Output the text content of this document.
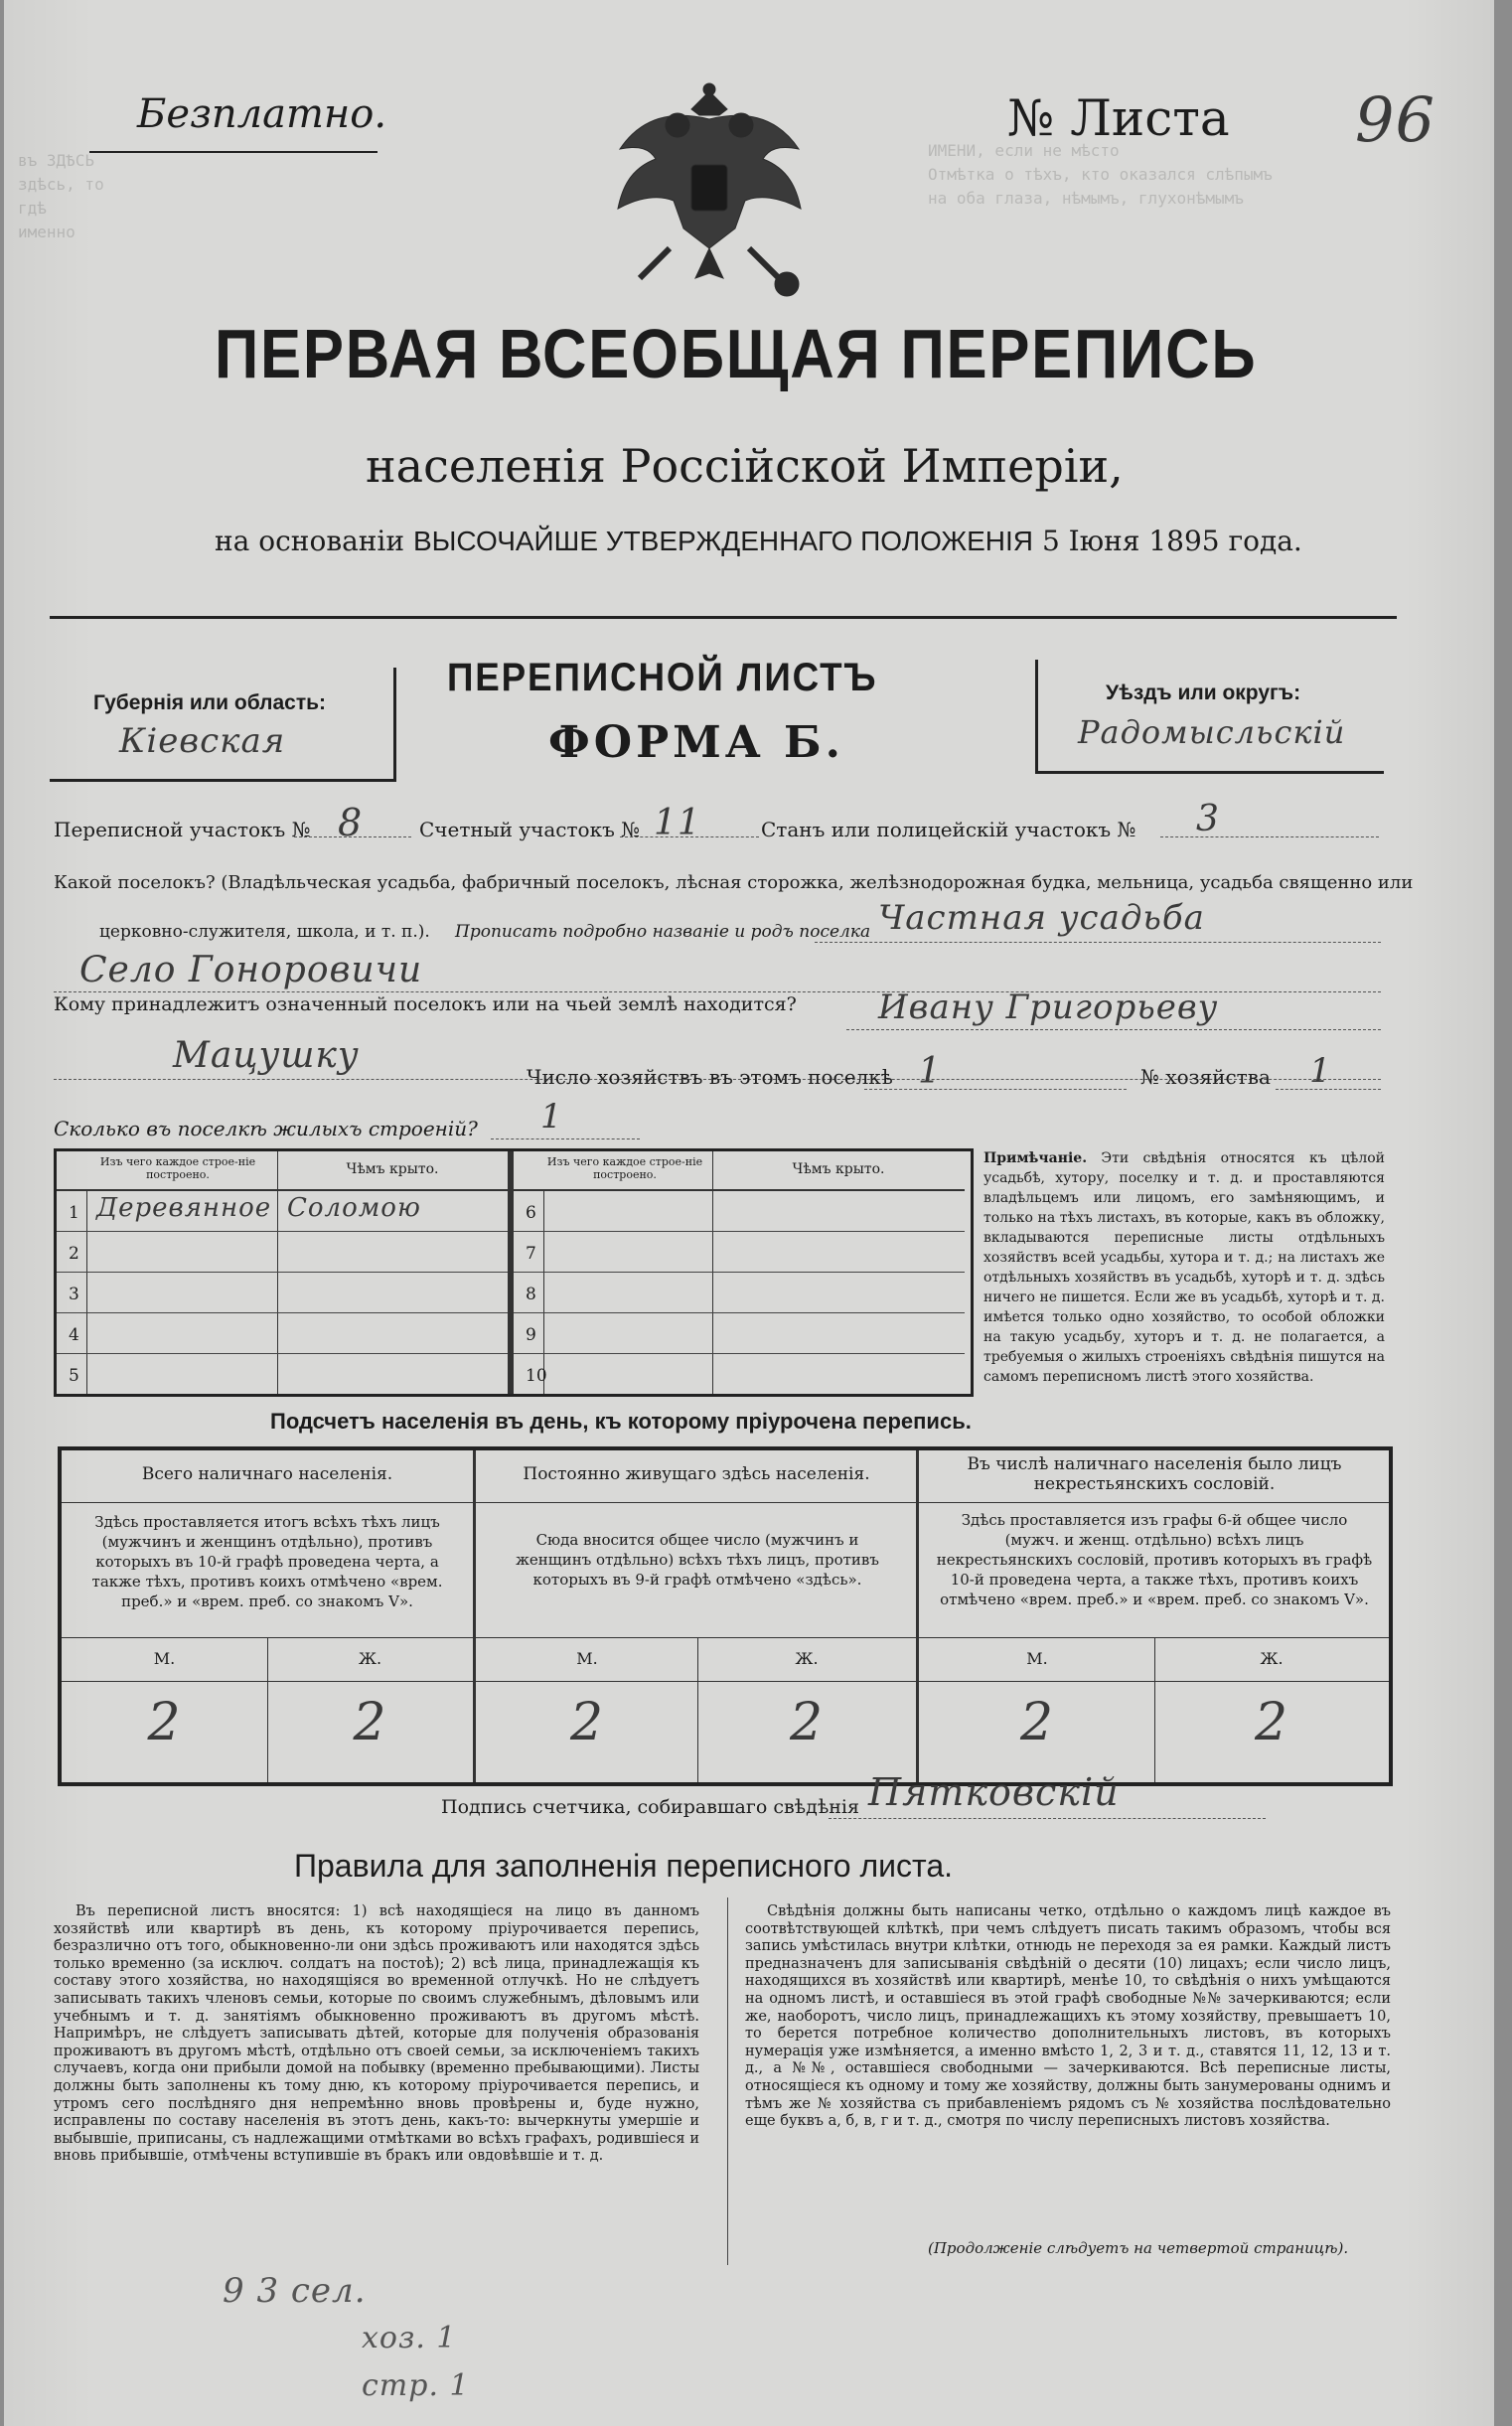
въ ЗДѢСЬ
здѣсь, то гдѣ
именно
ИМЕНИ, если не мѣсто
Отмѣтка о тѣхъ, кто оказался слѣпымъ
на оба глаза, нѣмымъ, глухонѣмымъ
Безплатно.	№ Листа 96
ПЕРВАЯ ВСЕОБЩАЯ ПЕРЕПИСЬ
населенія Россійской Имперіи,
на основаніи ВЫСОЧАЙШЕ УТВЕРЖДЕННАГО ПОЛОЖЕНІЯ 5 Іюня 1895 года.
Губернія или область:
Кіевская
ПЕРЕПИСНОЙ ЛИСТЪ
ФОРМА Б.
Уѣздъ или округъ:
Радомысльскій
Переписной участокъ № 8	Счетный участокъ № 11	Станъ или полицейскій участокъ № 3
Какой поселокъ? (Владѣльческая усадьба, фабричный поселокъ, лѣсная сторожка, желѣзнодорожная будка, мельница, усадьба священно или
церковно-служителя, школа, и т. п.). Прописать подробно названіе и родъ поселка Частная усадьба
Село Гоноровичи
Кому принадлежитъ означенный поселокъ или на чьей землѣ находится? Ивану Григорьеву
Мацушку
Число хозяйствъ въ этомъ поселкѣ 1	№ хозяйства 1
Сколько въ поселкѣ жилыхъ строеній? 1
Изъ чего каждое строе-ніе построено.	Чѣмъ крыто.
1 Деревянное Соломою
2
3
4
5
Изъ чего каждое строе-ніе построено.	Чѣмъ крыто.
6
7
8
9
10
Примѣчаніе. Эти свѣдѣнія относятся къ цѣлой усадьбѣ, хутору, поселку и т. д. и проставляются владѣльцемъ или лицомъ, его замѣняющимъ, и только на тѣхъ листахъ, въ которые, какъ въ обложку, вкладываются переписные листы отдѣльныхъ хозяйствъ всей усадьбы, хутора и т. д.; на листахъ же отдѣльныхъ хозяйствъ въ усадьбѣ, хуторѣ и т. д. здѣсь ничего не пишется. Если же въ усадьбѣ, хуторѣ и т. д. имѣется только одно хозяйство, то особой обложки на такую усадьбу, хуторъ и т. д. не полагается, а требуемыя о жилыхъ строеніяхъ свѣдѣнія пишутся на самомъ переписномъ листѣ этого хозяйства.
Подсчетъ населенія въ день, къ которому пріурочена перепись.
Всего наличнаго населенія.
Здѣсь проставляется итогъ всѣхъ тѣхъ лицъ (мужчинъ и женщинъ отдѣльно), противъ которыхъ въ 10-й графѣ проведена черта, а также тѣхъ, противъ коихъ отмѣчено «врем. преб.» и «врем. преб. со знакомъ V».
Постоянно живущаго здѣсь населенія.
Сюда вносится общее число (мужчинъ и женщинъ отдѣльно) всѣхъ тѣхъ лицъ, противъ которыхъ въ 9-й графѣ отмѣчено «здѣсь».
Въ числѣ наличнаго населенія было лицъ некрестьянскихъ сословій.
Здѣсь проставляется изъ графы 6-й общее число (мужч. и женщ. отдѣльно) всѣхъ лицъ некрестьянскихъ сословій, противъ которыхъ въ графѣ 10-й проведена черта, а также тѣхъ, противъ коихъ отмѣчено «врем. преб.» и «врем. преб. со знакомъ V».
М.	Ж.	М.	Ж.	М.	Ж.
2	2	2	2	2	2
Подпись счетчика, собиравшаго свѣдѣнія Пятковскій
Правила для заполненія переписного листа.
Въ переписной листъ вносятся: 1) всѣ находящіеся на лицо въ данномъ хозяйствѣ или квартирѣ въ день, къ которому пріурочивается перепись, безразлично отъ того, обыкновенно-ли они здѣсь проживаютъ или находятся здѣсь только временно (за исключ. солдатъ на постоѣ); 2) всѣ лица, принадлежащія къ составу этого хозяйства, но находящіяся во временной отлучкѣ. Но не слѣдуетъ записывать такихъ членовъ семьи, которые по своимъ служебнымъ, дѣловымъ или учебнымъ и т. д. занятіямъ обыкновенно проживаютъ въ другомъ мѣстѣ. Напримѣръ, не слѣдуетъ записывать дѣтей, которые для полученія образованія проживаютъ въ другомъ мѣстѣ, отдѣльно отъ своей семьи, за исключеніемъ такихъ случаевъ, когда они прибыли домой на побывку (временно пребывающими). Листы должны быть заполнены къ тому дню, къ которому пріурочивается перепись, и утромъ сего послѣдняго дня непремѣнно вновь провѣрены и, буде нужно, исправлены по составу населенія въ этотъ день, какъ-то: вычеркнуты умершіе и выбывшіе, приписаны, съ надлежащими отмѣтками во всѣхъ графахъ, родившіеся и вновь прибывшіе, отмѣчены вступившіе въ бракъ или овдовѣвшіе и т. д.
Свѣдѣнія должны быть написаны четко, отдѣльно о каждомъ лицѣ каждое въ соотвѣтствующей клѣткѣ, при чемъ слѣдуетъ писать такимъ образомъ, чтобы вся запись умѣстилась внутри клѣтки, отнюдь не переходя за ея рамки. Каждый листъ предназначенъ для записыванія свѣдѣній о десяти (10) лицахъ; если число лицъ, находящихся въ хозяйствѣ или квартирѣ, менѣе 10, то свѣдѣнія о нихъ умѣщаются на одномъ листѣ, и оставшіеся въ этой графѣ свободные №№ зачеркиваются; если же, наоборотъ, число лицъ, принадлежащихъ къ этому хозяйству, превышаетъ 10, то берется потребное количество дополнительныхъ листовъ, въ которыхъ нумерація уже измѣняется, а именно вмѣсто 1, 2, 3 и т. д., ставятся 11, 12, 13 и т. д., а №№, оставшіеся свободными — зачеркиваются. Всѣ переписные листы, относящіеся къ одному и тому же хозяйству, должны быть занумерованы однимъ и тѣмъ же № хозяйства съ прибавленіемъ рядомъ съ № хозяйства послѣдовательно еще буквъ а, б, в, г и т. д., смотря по числу переписныхъ листовъ хозяйства.
(Продолженіе слѣдуетъ на четвертой страницѣ).
9 3 сел.
хоз. 1
стр. 1
